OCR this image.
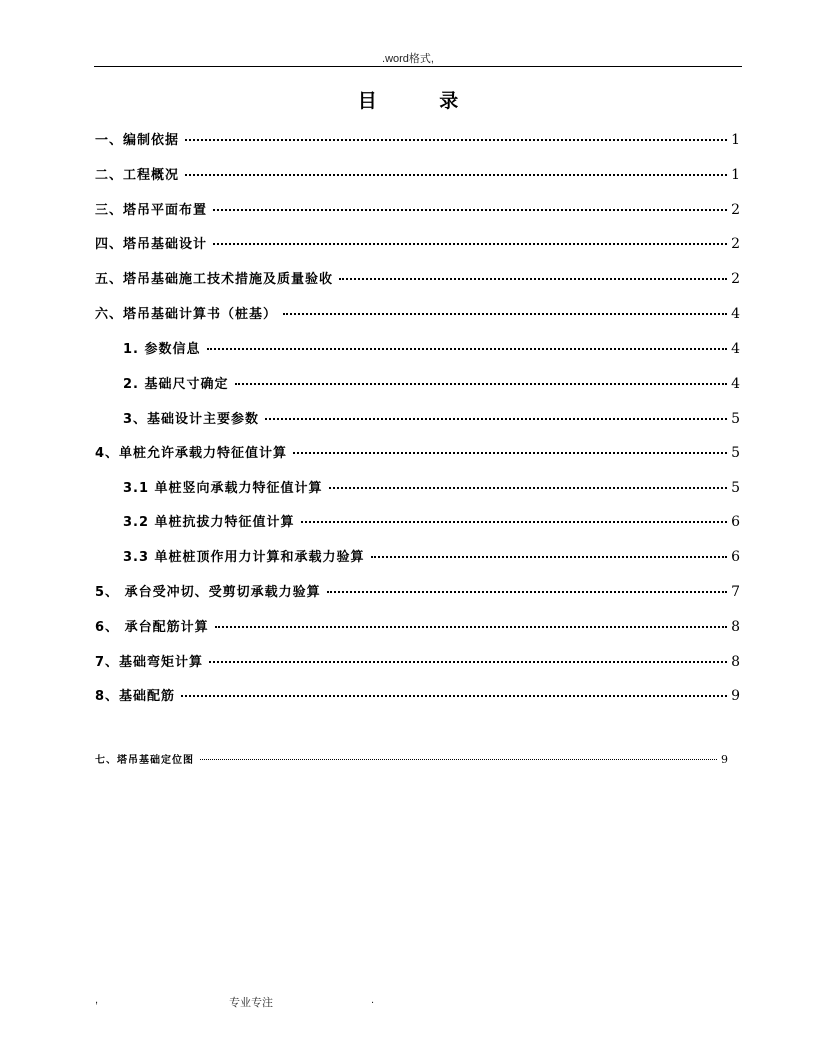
.word格式,
目 录
一、编制依据	1
二、工程概况	1
三、塔吊平面布置	2
四、塔吊基础设计	2
五、塔吊基础施工技术措施及质量验收	2
六、塔吊基础计算书（桩基）	4
1. 参数信息	4
2. 基础尺寸确定	4
3、基础设计主要参数	5
4、单桩允许承载力特征值计算	5
3.1 单桩竖向承载力特征值计算	5
3.2 单桩抗拔力特征值计算	6
3.3 单桩桩顶作用力计算和承载力验算	6
5、 承台受冲切、受剪切承载力验算	7
6、 承台配筋计算	8
7、基础弯矩计算	8
8、基础配筋	9
七、塔吊基础定位图	9
,	专业专注	.
